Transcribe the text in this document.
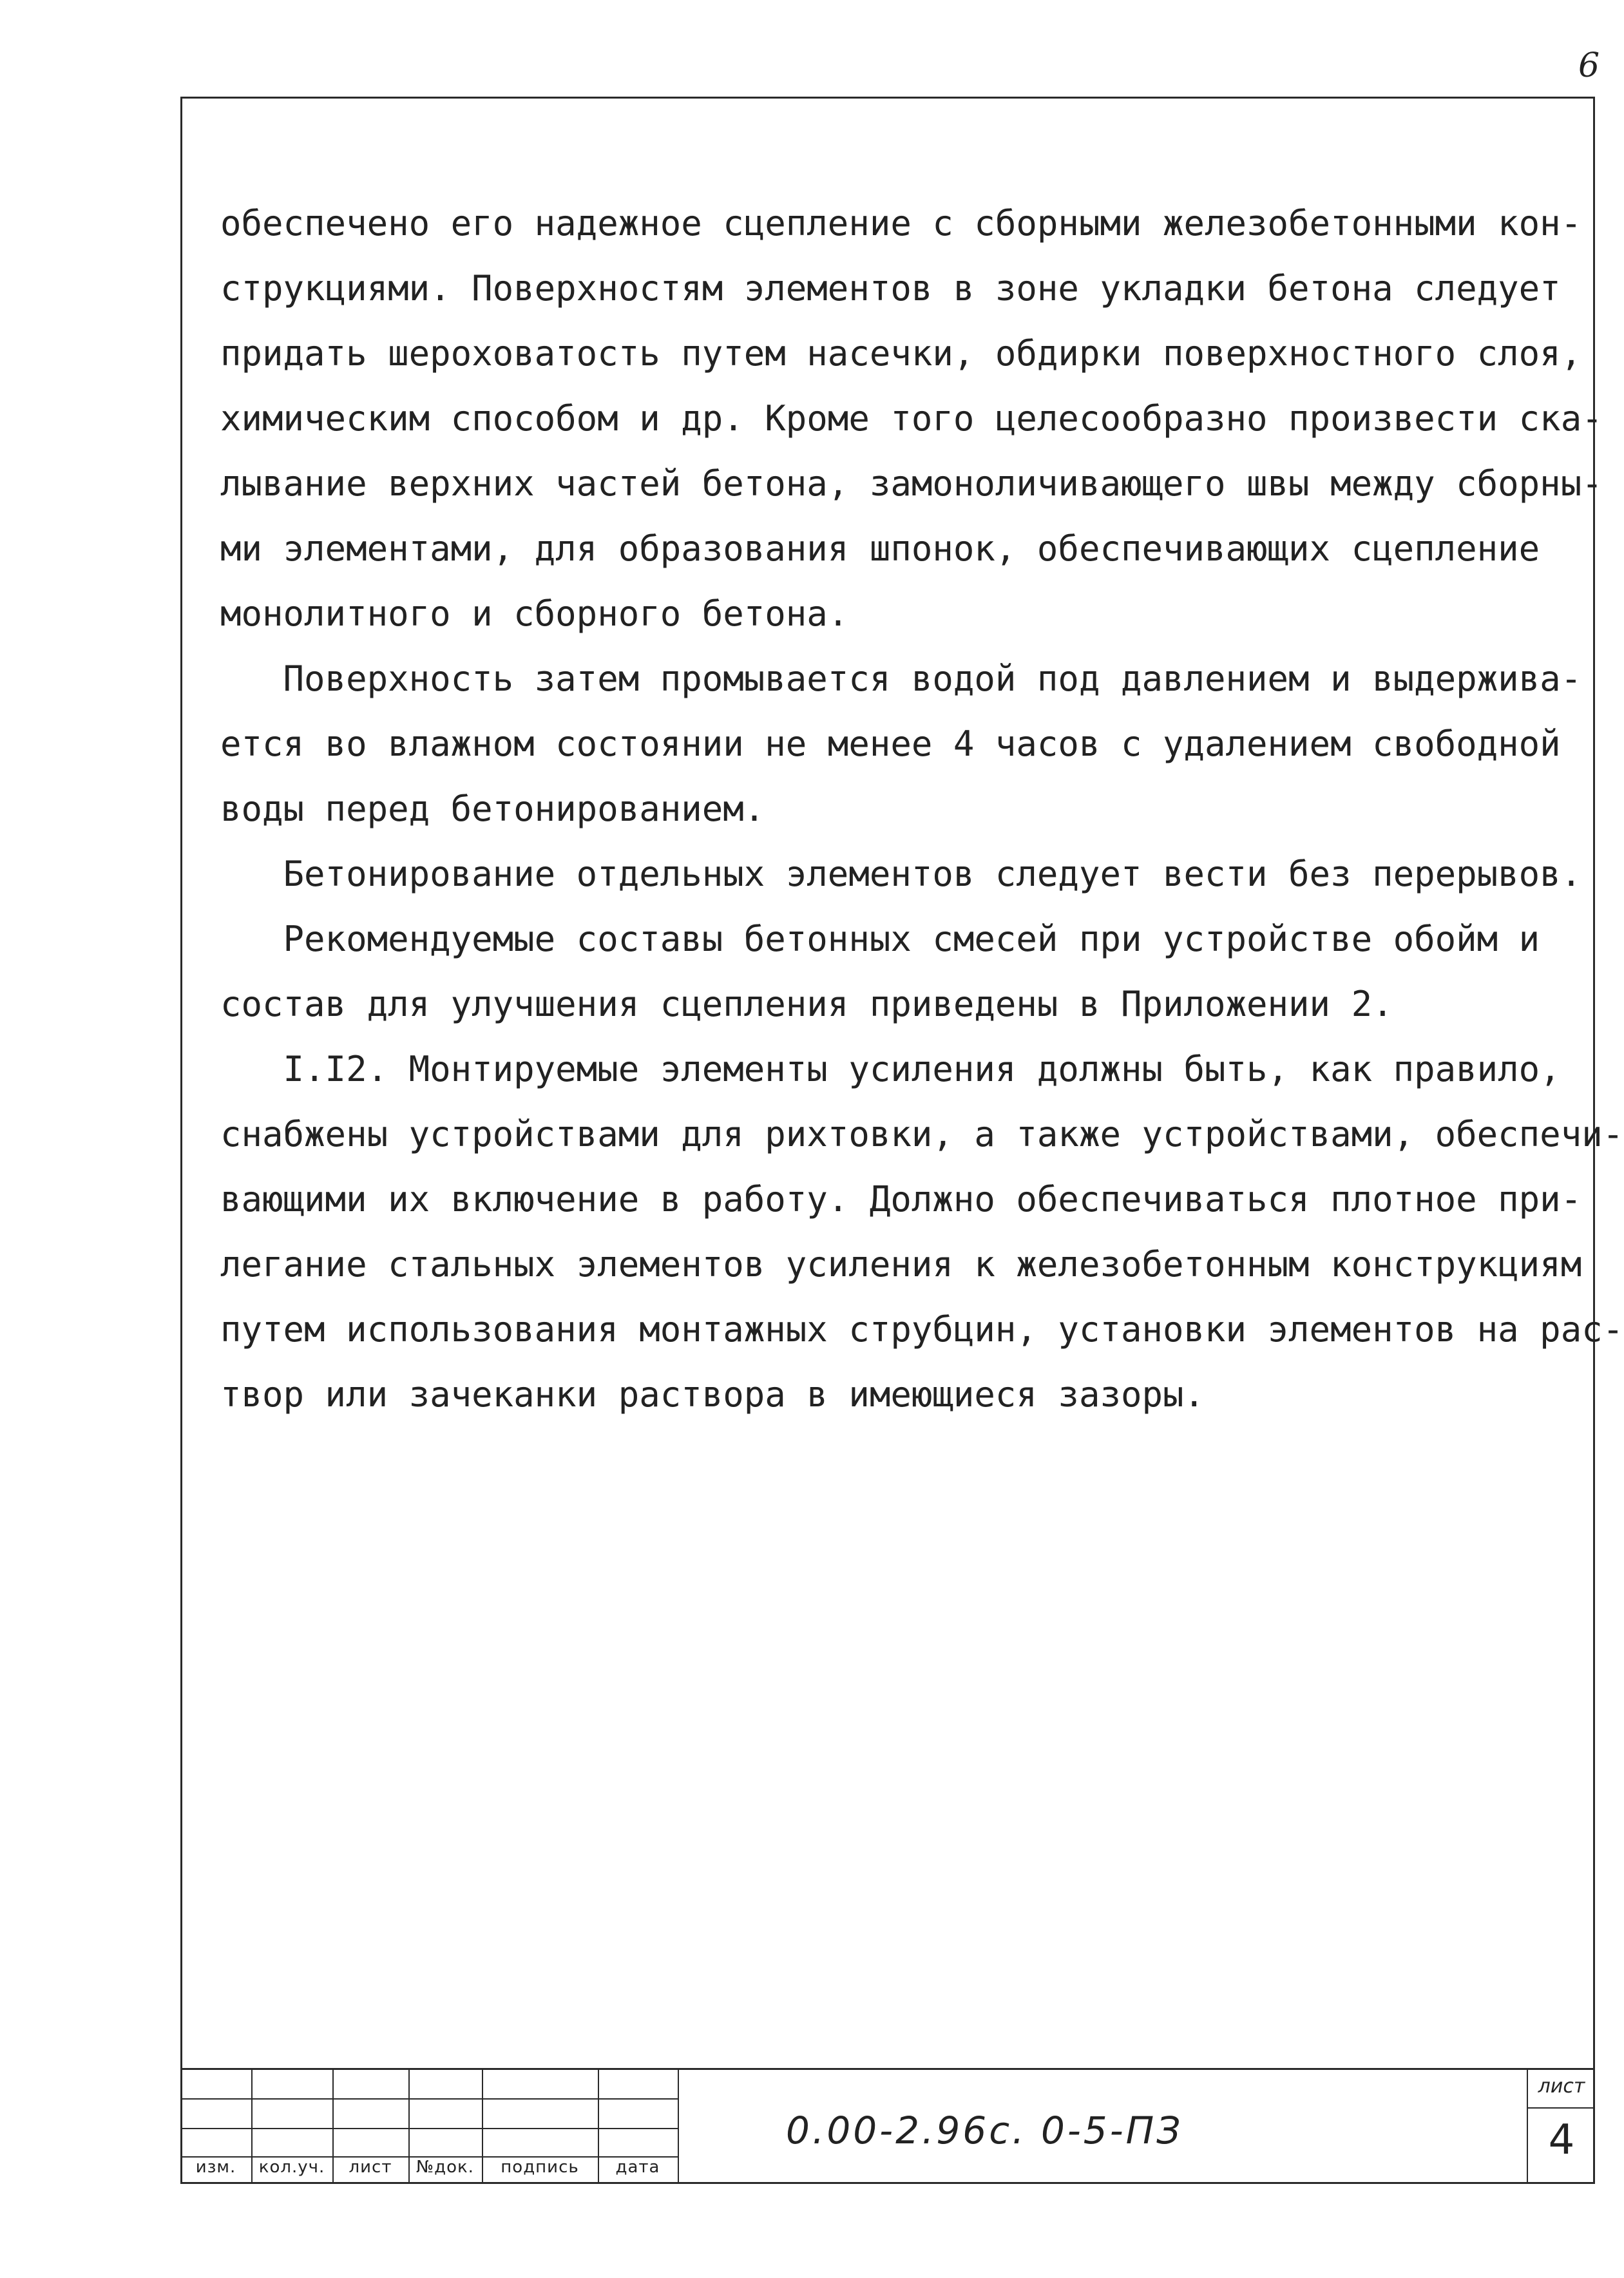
6
обеспечено его надежное сцепление с сборными железобетонными кон-
струкциями. Поверхностям элементов в зоне укладки бетона следует
придать шероховатость путем насечки, обдирки поверхностного слоя,
химическим способом и др. Кроме того целесообразно произвести ска-
лывание верхних частей бетона, замоноличивающего швы между сборны-
ми элементами, для образования шпонок, обеспечивающих сцепление
монолитного и сборного бетона.
Поверхность затем промывается водой под давлением и выдержива-
ется во влажном состоянии не менее 4 часов с удалением свободной
воды перед бетонированием.
Бетонирование отдельных элементов следует вести без перерывов.
Рекомендуемые составы бетонных смесей при устройстве обойм и
состав для улучшения сцепления приведены в Приложении 2.
I.I2. Монтируемые элементы усиления должны быть, как правило,
снабжены устройствами для рихтовки, а также устройствами, обеспечи-
вающими их включение в работу. Должно обеспечиваться плотное при-
легание стальных элементов усиления к железобетонным конструкциям
путем использования монтажных струбцин, установки элементов на рас-
твор или зачеканки раствора в имеющиеся зазоры.
изм.	кол.уч.	лист	№док.	подпись	дата
0.00-2.96с. 0-5-ПЗ
лист
4
